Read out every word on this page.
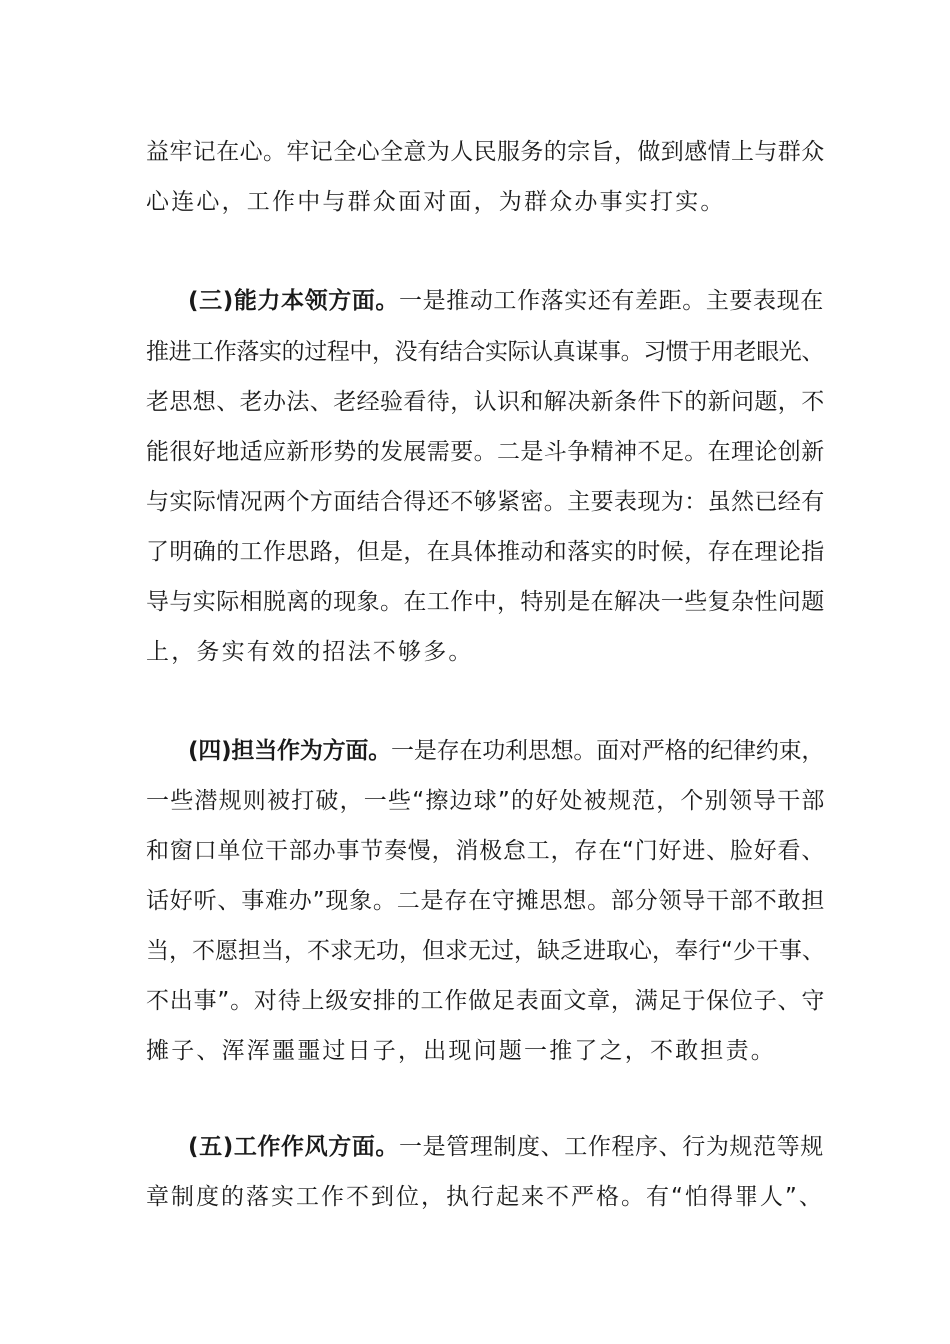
益牢记在心。牢记全心全意为人民服务的宗旨，做到感情上与群众
心连心，工作中与群众面对面，为群众办事实打实。
(三)能力本领方面。一是推动工作落实还有差距。主要表现在
推进工作落实的过程中，没有结合实际认真谋事。习惯于用老眼光、
老思想、老办法、老经验看待，认识和解决新条件下的新问题，不
能很好地适应新形势的发展需要。二是斗争精神不足。在理论创新
与实际情况两个方面结合得还不够紧密。主要表现为：虽然已经有
了明确的工作思路，但是，在具体推动和落实的时候，存在理论指
导与实际相脱离的现象。在工作中，特别是在解决一些复杂性问题
上，务实有效的招法不够多。
(四)担当作为方面。一是存在功利思想。面对严格的纪律约束，
一些潜规则被打破，一些“擦边球”的好处被规范，个别领导干部
和窗口单位干部办事节奏慢，消极怠工，存在“门好进、脸好看、
话好听、事难办”现象。二是存在守摊思想。部分领导干部不敢担
当，不愿担当，不求无功，但求无过，缺乏进取心，奉行“少干事、
不出事”。对待上级安排的工作做足表面文章，满足于保位子、守
摊子、浑浑噩噩过日子，出现问题一推了之，不敢担责。
(五)工作作风方面。一是管理制度、工作程序、行为规范等规
章制度的落实工作不到位，执行起来不严格。有“怕得罪人”、
